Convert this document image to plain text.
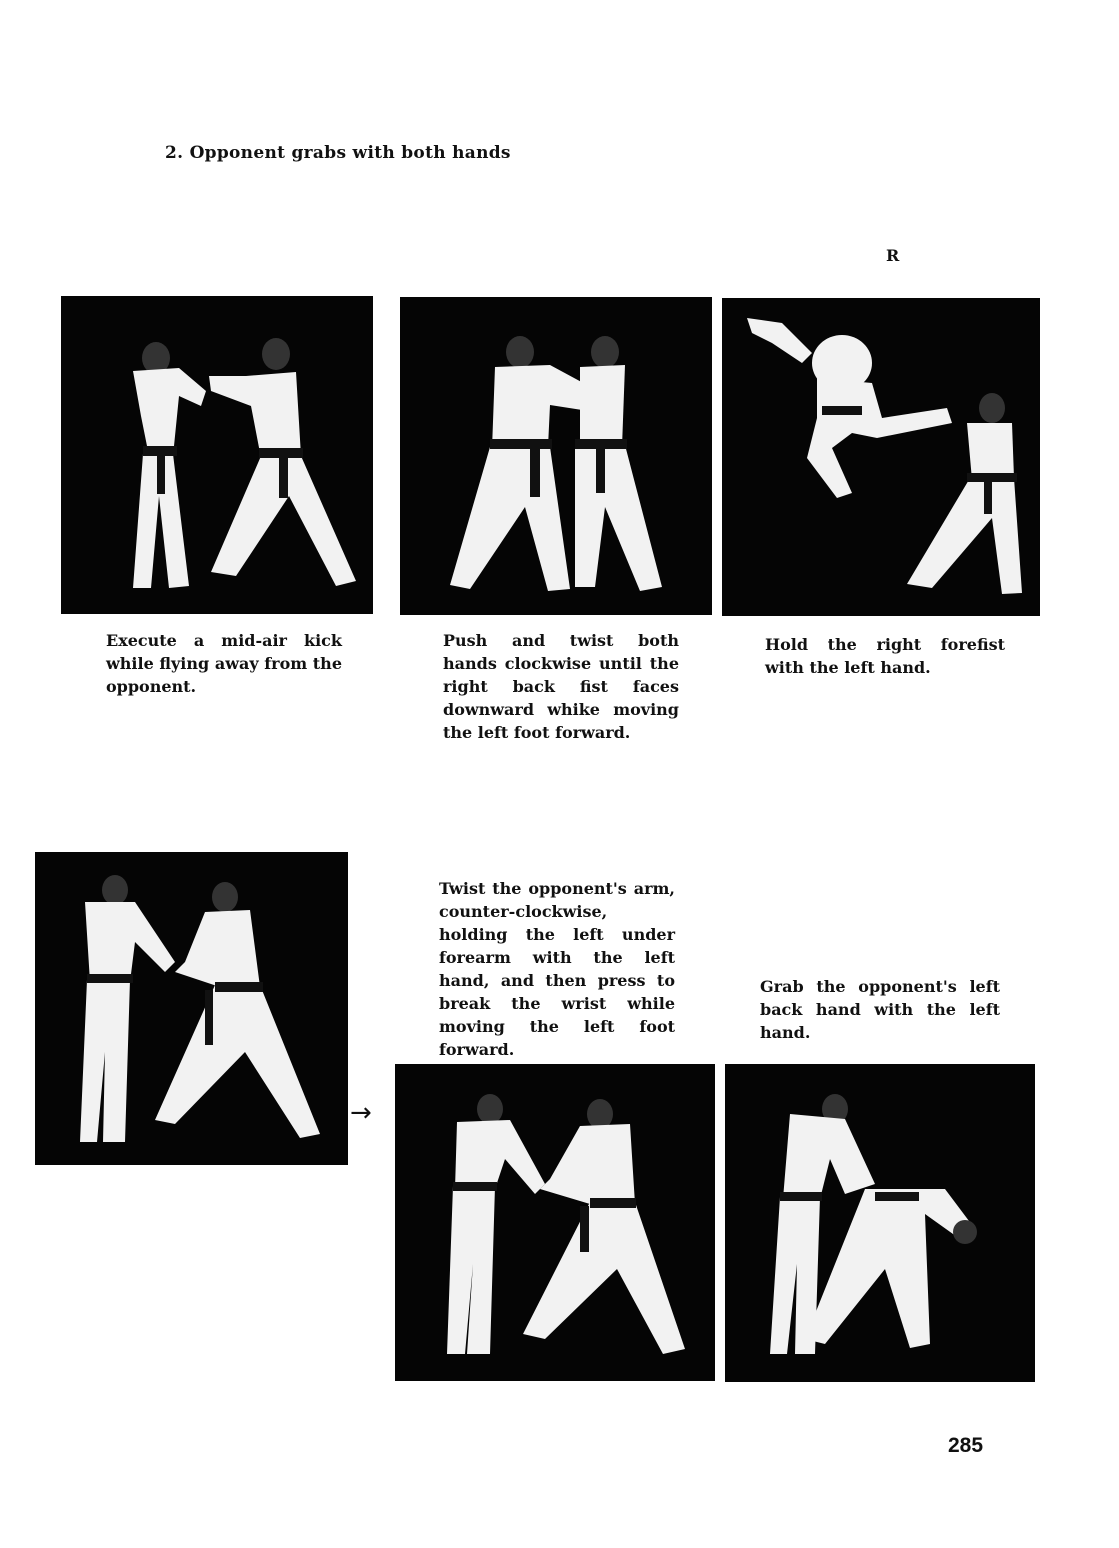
2. Opponent grabs with both hands
R
Execute a mid-air kick while flying away from the opponent.
Push and twist both hands clockwise until the right back fist faces downward whike moving the left foot forward.
Hold the right forefist with the left hand.
→
Twist the opponent's arm, counter-clockwise, holding the left under forearm with the left hand, and then press to break the wrist while moving the left foot forward.
Grab the opponent's left back hand with the left hand.
285
